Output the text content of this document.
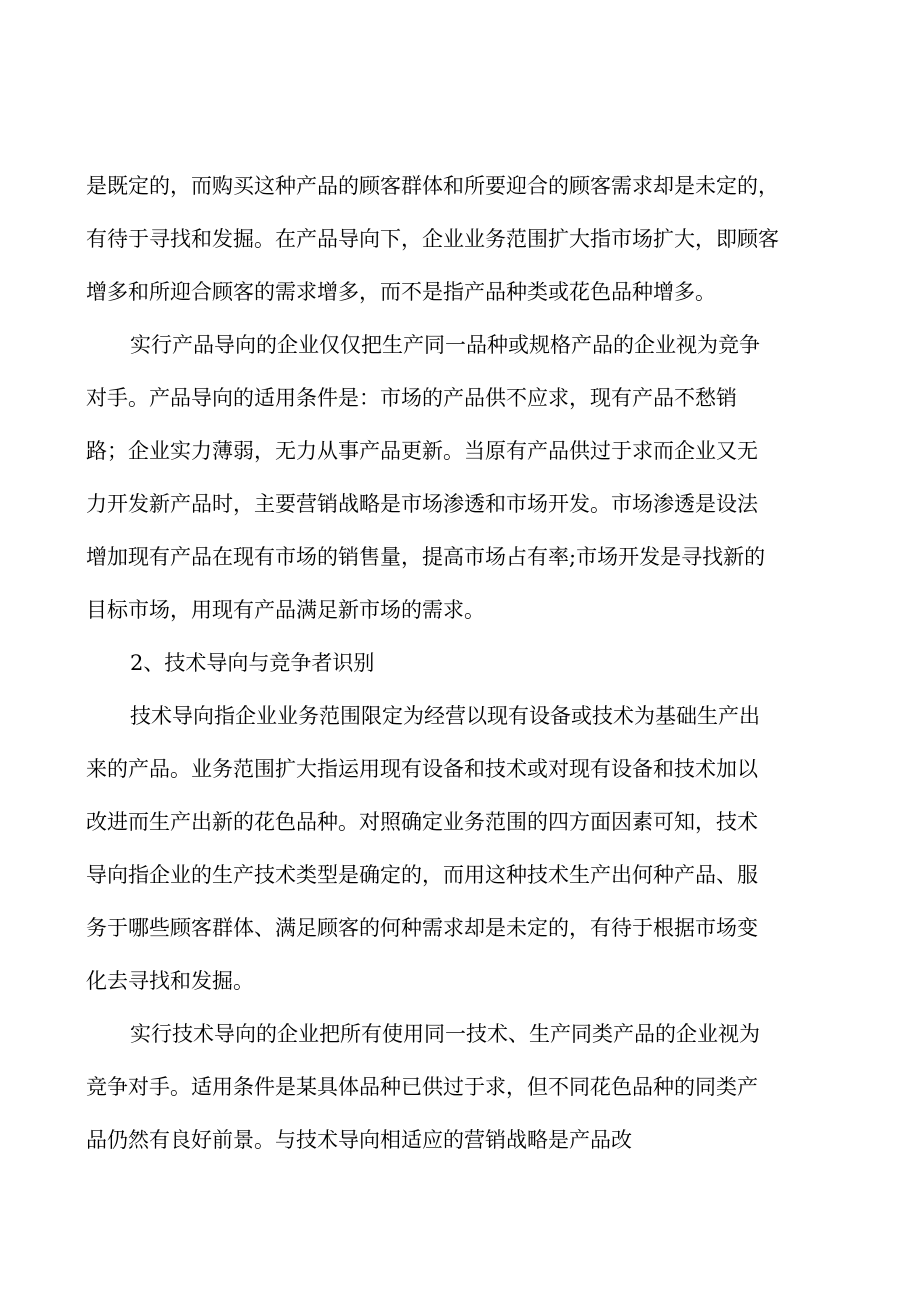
是既定的，而购买这种产品的顾客群体和所要迎合的顾客需求却是未定的，
有待于寻找和发掘。在产品导向下，企业业务范围扩大指市场扩大，即顾客
增多和所迎合顾客的需求增多，而不是指产品种类或花色品种增多。
实行产品导向的企业仅仅把生产同一品种或规格产品的企业视为竞争
对手。产品导向的适用条件是：市场的产品供不应求，现有产品不愁销
路；企业实力薄弱，无力从事产品更新。当原有产品供过于求而企业又无
力开发新产品时，主要营销战略是市场渗透和市场开发。市场渗透是设法
增加现有产品在现有市场的销售量，提高市场占有率;市场开发是寻找新的
目标市场，用现有产品满足新市场的需求。
2、技术导向与竞争者识别
技术导向指企业业务范围限定为经营以现有设备或技术为基础生产出
来的产品。业务范围扩大指运用现有设备和技术或对现有设备和技术加以
改进而生产出新的花色品种。对照确定业务范围的四方面因素可知，技术
导向指企业的生产技术类型是确定的，而用这种技术生产出何种产品、服
务于哪些顾客群体、满足顾客的何种需求却是未定的，有待于根据市场变
化去寻找和发掘。
实行技术导向的企业把所有使用同一技术、生产同类产品的企业视为
竞争对手。适用条件是某具体品种已供过于求，但不同花色品种的同类产
品仍然有良好前景。与技术导向相适应的营销战略是产品改
